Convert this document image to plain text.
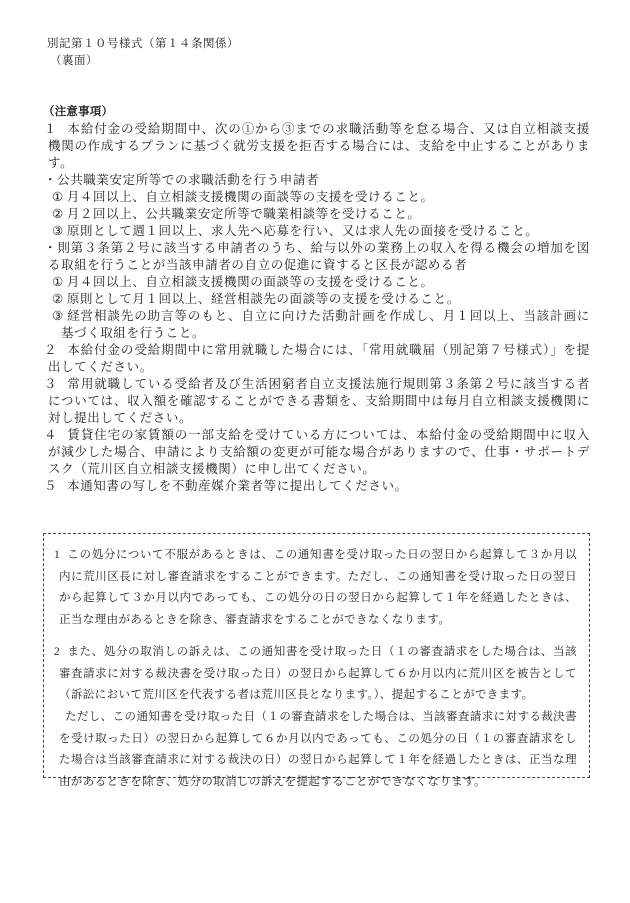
別記第１０号様式（第１４条関係）
（裏面）
（注意事項）
１ 本給付金の受給期間中、次の①から③までの求職活動等を怠る場合、又は自立相談支援機関の作成するプランに基づく就労支援を拒否する場合には、支給を中止することがあります。
・公共職業安定所等での求職活動を行う申請者
① 月４回以上、自立相談支援機関の面談等の支援を受けること。
② 月２回以上、公共職業安定所等で職業相談等を受けること。
③ 原則として週１回以上、求人先へ応募を行い、又は求人先の面接を受けること。
・則第３条第２号に該当する申請者のうち、給与以外の業務上の収入を得る機会の増加を図る取組を行うことが当該申請者の自立の促進に資すると区長が認める者
① 月４回以上、自立相談支援機関の面談等の支援を受けること。
② 原則として月１回以上、経営相談先の面談等の支援を受けること。
③ 経営相談先の助言等のもと、自立に向けた活動計画を作成し、月１回以上、当該計画に基づく取組を行うこと。
２ 本給付金の受給期間中に常用就職した場合には、「常用就職届（別記第７号様式）」を提出してください。
３ 常用就職している受給者及び生活困窮者自立支援法施行規則第３条第２号に該当する者については、収入額を確認することができる書類を、支給期間中は毎月自立相談支援機関に対し提出してください。
４ 賃貸住宅の家賃額の一部支給を受けている方については、本給付金の受給期間中に収入が減少した場合、申請により支給額の変更が可能な場合がありますので、仕事・サポートデスク（荒川区自立相談支援機関）に申し出てください。
５ 本通知書の写しを不動産媒介業者等に提出してください。

1 この処分について不服があるときは、この通知書を受け取った日の翌日から起算して３か月以内に荒川区長に対し審査請求をすることができます。ただし、この通知書を受け取った日の翌日から起算して３か月以内であっても、この処分の日の翌日から起算して１年を経過したときは、正当な理由があるときを除き、審査請求をすることができなくなります。

2 また、処分の取消しの訴えは、この通知書を受け取った日（１の審査請求をした場合は、当該審査請求に対する裁決書を受け取った日）の翌日から起算して６か月以内に荒川区を被告として（訴訟において荒川区を代表する者は荒川区長となります。）、提起することができます。

ただし、この通知書を受け取った日（１の審査請求をした場合は、当該審査請求に対する裁決書を受け取った日）の翌日から起算して６か月以内であっても、この処分の日（１の審査請求をした場合は当該審査請求に対する裁決の日）の翌日から起算して１年を経過したときは、正当な理由があるときを除き、処分の取消しの訴えを提起することができなくなります。
